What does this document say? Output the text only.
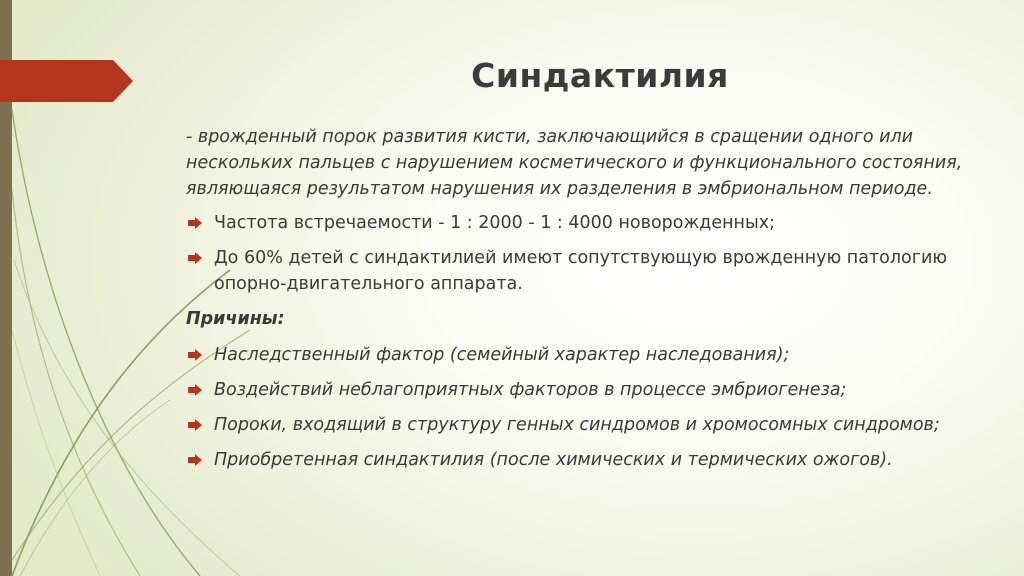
Синдактилия
- врожденный порок развития кисти, заключающийся в сращении одного или нескольких пальцев с нарушением косметического и функционального состояния, являющаяся результатом нарушения их разделения в эмбриональном периоде.
Частота встречаемости - 1 : 2000 - 1 : 4000 новорожденных;
До 60% детей с синдактилией имеют сопутствующую врожденную патологию опорно-двигательного аппарата.
Причины:
Наследственный фактор (семейный характер наследования);
Воздействий неблагоприятных факторов в процессе эмбриогенеза;
Пороки, входящий в структуру генных синдромов и хромосомных синдромов;
Приобретенная синдактилия (после химических и термических ожогов).
